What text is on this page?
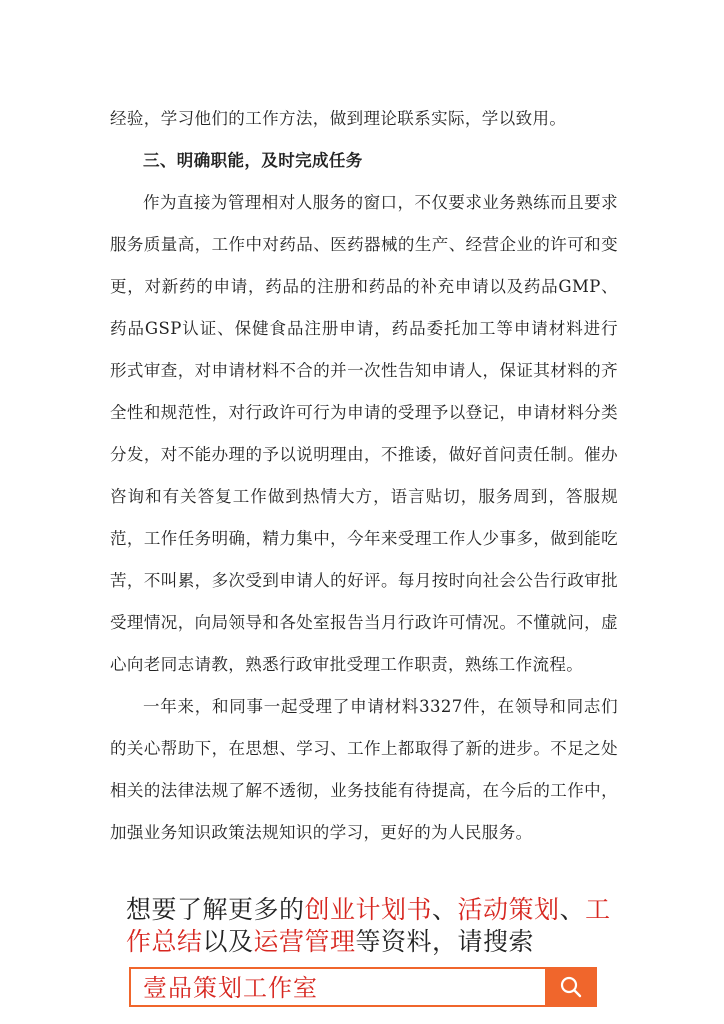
经验，学习他们的工作方法，做到理论联系实际，学以致用。

三、明确职能，及时完成任务

作为直接为管理相对人服务的窗口，不仅要求业务熟练而且要求服务质量高，工作中对药品、医药器械的生产、经营企业的许可和变更，对新药的申请，药品的注册和药品的补充申请以及药品GMP、药品GSP认证、保健食品注册申请，药品委托加工等申请材料进行形式审查，对申请材料不合的并一次性告知申请人，保证其材料的齐全性和规范性，对行政许可行为申请的受理予以登记，申请材料分类分发，对不能办理的予以说明理由，不推诿，做好首问责任制。催办咨询和有关答复工作做到热情大方，语言贴切，服务周到，答服规范，工作任务明确，精力集中，今年来受理工作人少事多，做到能吃苦，不叫累，多次受到申请人的好评。每月按时向社会公告行政审批受理情况，向局领导和各处室报告当月行政许可情况。不懂就问，虚心向老同志请教，熟悉行政审批受理工作职责，熟练工作流程。

一年来，和同事一起受理了申请材料3327件，在领导和同志们的关心帮助下，在思想、学习、工作上都取得了新的进步。不足之处相关的法律法规了解不透彻，业务技能有待提高，在今后的工作中，加强业务知识政策法规知识的学习，更好的为人民服务。

想要了解更多的创业计划书、活动策划、工作总结以及运营管理等资料，请搜索
壹品策划工作室
